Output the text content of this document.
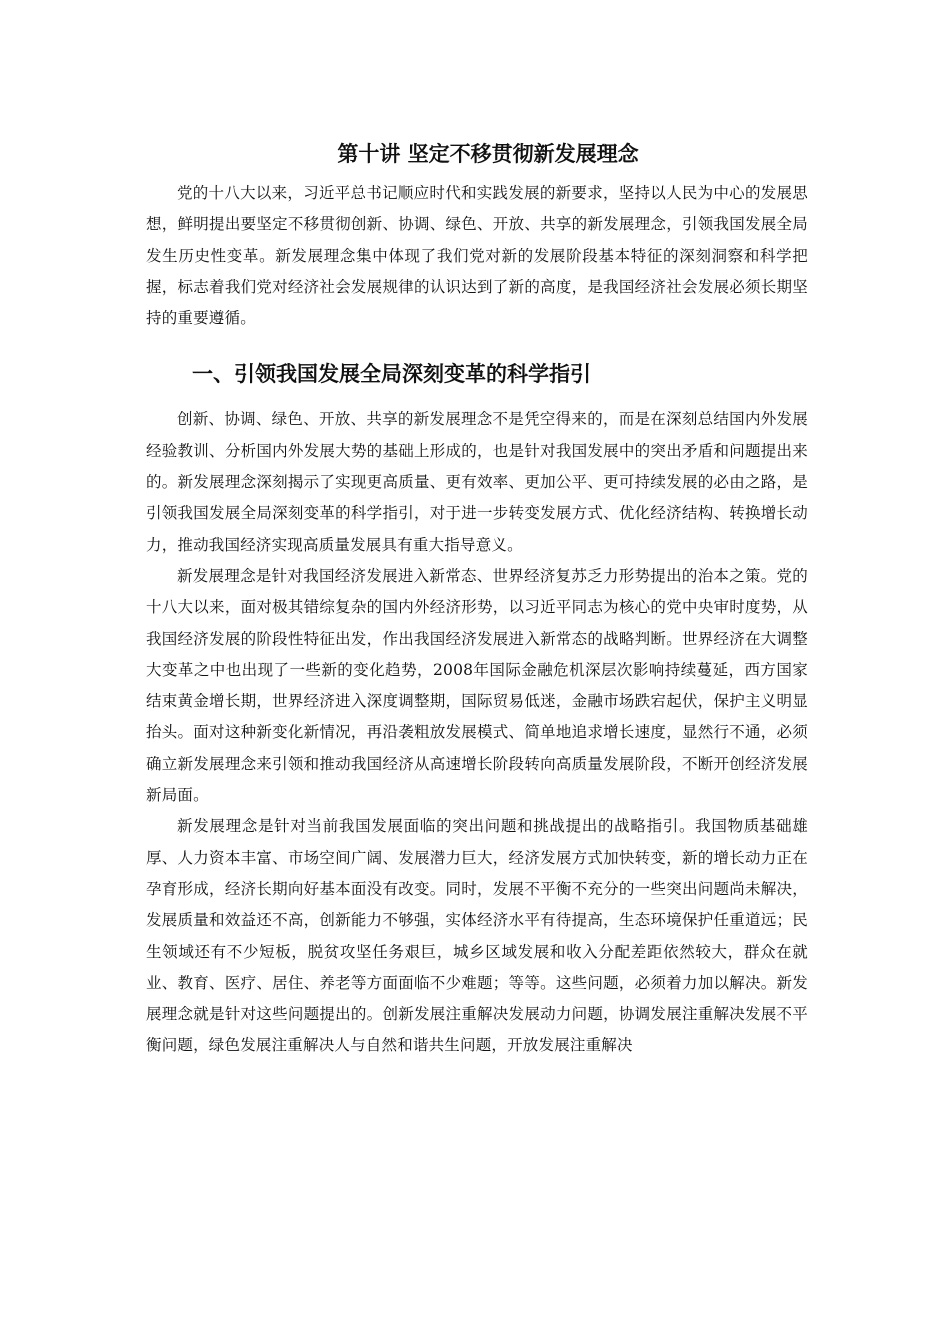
第十讲 坚定不移贯彻新发展理念

党的十八大以来，习近平总书记顺应时代和实践发展的新要求，坚持以人民为中心的发展思想，鲜明提出要坚定不移贯彻创新、协调、绿色、开放、共享的新发展理念，引领我国发展全局发生历史性变革。新发展理念集中体现了我们党对新的发展阶段基本特征的深刻洞察和科学把握，标志着我们党对经济社会发展规律的认识达到了新的高度，是我国经济社会发展必须长期坚持的重要遵循。

一、引领我国发展全局深刻变革的科学指引

创新、协调、绿色、开放、共享的新发展理念不是凭空得来的，而是在深刻总结国内外发展经验教训、分析国内外发展大势的基础上形成的，也是针对我国发展中的突出矛盾和问题提出来的。新发展理念深刻揭示了实现更高质量、更有效率、更加公平、更可持续发展的必由之路，是引领我国发展全局深刻变革的科学指引，对于进一步转变发展方式、优化经济结构、转换增长动力，推动我国经济实现高质量发展具有重大指导意义。

新发展理念是针对我国经济发展进入新常态、世界经济复苏乏力形势提出的治本之策。党的十八大以来，面对极其错综复杂的国内外经济形势，以习近平同志为核心的党中央审时度势，从我国经济发展的阶段性特征出发，作出我国经济发展进入新常态的战略判断。世界经济在大调整大变革之中也出现了一些新的变化趋势，2008年国际金融危机深层次影响持续蔓延，西方国家结束黄金增长期，世界经济进入深度调整期，国际贸易低迷，金融市场跌宕起伏，保护主义明显抬头。面对这种新变化新情况，再沿袭粗放发展模式、简单地追求增长速度，显然行不通，必须确立新发展理念来引领和推动我国经济从高速增长阶段转向高质量发展阶段，不断开创经济发展新局面。

新发展理念是针对当前我国发展面临的突出问题和挑战提出的战略指引。我国物质基础雄厚、人力资本丰富、市场空间广阔、发展潜力巨大，经济发展方式加快转变，新的增长动力正在孕育形成，经济长期向好基本面没有改变。同时，发展不平衡不充分的一些突出问题尚未解决，发展质量和效益还不高，创新能力不够强，实体经济水平有待提高，生态环境保护任重道远；民生领域还有不少短板，脱贫攻坚任务艰巨，城乡区域发展和收入分配差距依然较大，群众在就业、教育、医疗、居住、养老等方面面临不少难题；等等。这些问题，必须着力加以解决。新发展理念就是针对这些问题提出的。创新发展注重解决发展动力问题，协调发展注重解决发展不平衡问题，绿色发展注重解决人与自然和谐共生问题，开放发展注重解决
